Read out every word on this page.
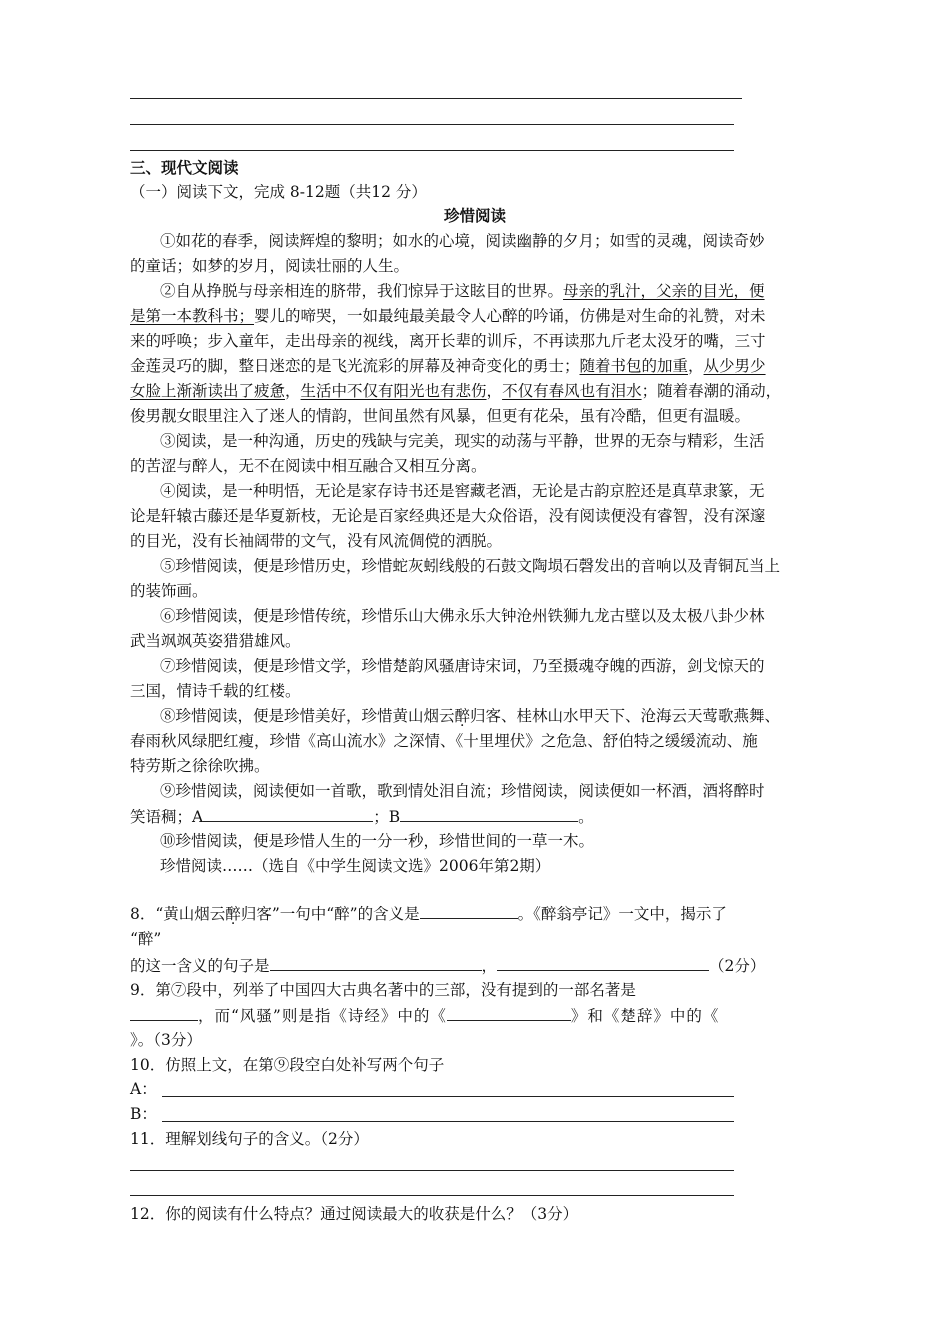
三、现代文阅读
（一）阅读下文，完成 8-12题（共12 分）
珍惜阅读
①如花的春季，阅读辉煌的黎明；如水的心境，阅读幽静的夕月；如雪的灵魂，阅读奇妙
的童话；如梦的岁月，阅读壮丽的人生。
②自从挣脱与母亲相连的脐带，我们惊异于这眩目的世界。母亲的乳汁，父亲的目光，便
是第一本教科书；婴儿的啼哭，一如最纯最美最令人心醉的吟诵，仿佛是对生命的礼赞，对未
来的呼唤；步入童年，走出母亲的视线，离开长辈的训斥，不再读那九斤老太没牙的嘴，三寸
金莲灵巧的脚，整日迷恋的是飞光流彩的屏幕及神奇变化的勇士；随着书包的加重，从少男少
女脸上渐渐读出了疲惫，生活中不仅有阳光也有悲伤，不仅有春风也有泪水；随着春潮的涌动，
俊男靓女眼里注入了迷人的情韵，世间虽然有风暴，但更有花朵，虽有冷酷，但更有温暖。
③阅读，是一种沟通，历史的残缺与完美，现实的动荡与平静，世界的无奈与精彩，生活
的苦涩与醉人，无不在阅读中相互融合又相互分离。
④阅读，是一种明悟，无论是家存诗书还是窖藏老酒，无论是古韵京腔还是真草隶篆，无
论是轩辕古藤还是华夏新枝，无论是百家经典还是大众俗语，没有阅读便没有睿智，没有深邃
的目光，没有长袖阔带的文气，没有风流倜傥的洒脱。
⑤珍惜阅读，便是珍惜历史，珍惜蛇灰蚓线般的石鼓文陶埙石磬发出的音响以及青铜瓦当上
的装饰画。
⑥珍惜阅读，便是珍惜传统，珍惜乐山大佛永乐大钟沧州铁狮九龙古壁以及太极八卦少林
武当飒飒英姿猎猎雄风。
⑦珍惜阅读，便是珍惜文学，珍惜楚韵风骚唐诗宋词，乃至摄魂夺魄的西游，剑戈惊天的
三国，情诗千载的红楼。
⑧珍惜阅读，便是珍惜美好，珍惜黄山烟云醉归客、桂林山水甲天下、沧海云天莺歌燕舞、
春雨秋风绿肥红瘦，珍惜《高山流水》之深情、《十里埋伏》之危急、舒伯特之缓缓流动、施
特劳斯之徐徐吹拂。
⑨珍惜阅读，阅读便如一首歌，歌到情处泪自流；珍惜阅读，阅读便如一杯酒，酒将醉时
笑语稠；A	；B	。
⑩珍惜阅读，便是珍惜人生的一分一秒，珍惜世间的一草一木。
珍惜阅读……（选自《中学生阅读文选》2006年第2期）
8．“黄山烟云醉归客”一句中“醉”的含义是	。《醉翁亭记》一文中，揭示了
“醉”
的这一含义的句子是	，	（2分）
9．第⑦段中，列举了中国四大古典名著中的三部，没有提到的一部名著是
，而“风骚”则是指《诗经》中的《	》和《楚辞》中的《
》。（3分）
10．仿照上文，在第⑨段空白处补写两个句子
A：
B：
11．理解划线句子的含义。（2分）
12．你的阅读有什么特点？通过阅读最大的收获是什么？（3分）
